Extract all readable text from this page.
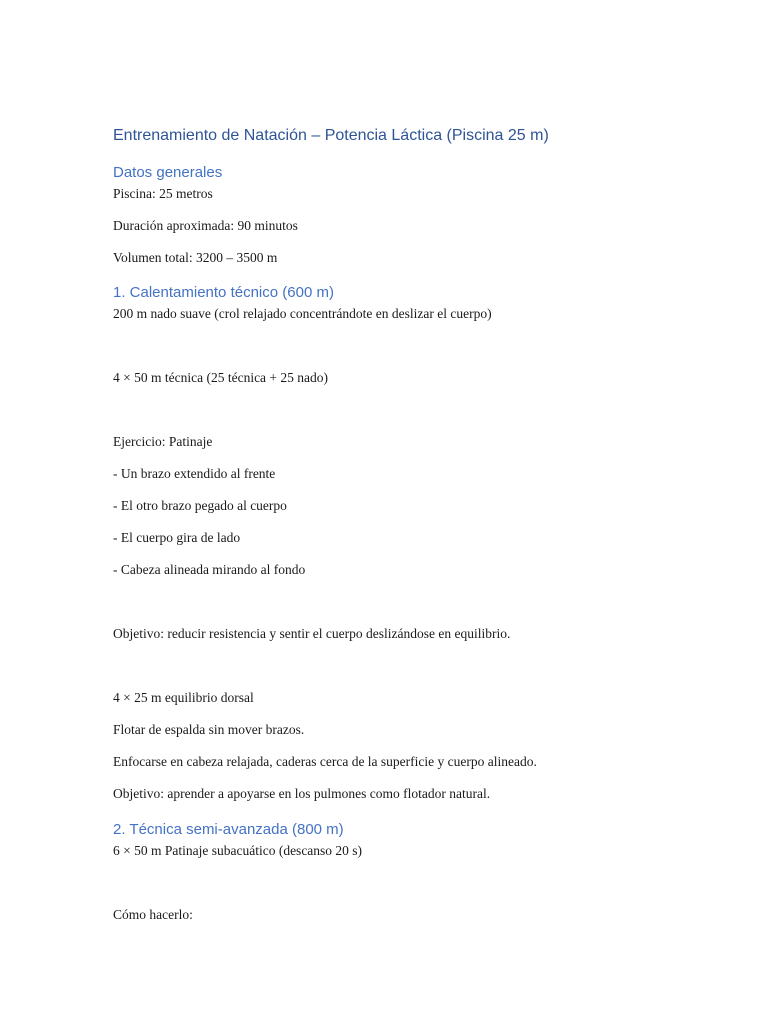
Entrenamiento de Natación – Potencia Láctica (Piscina 25 m)
Datos generales

Piscina: 25 metros

Duración aproximada: 90 minutos

Volumen total: 3200 – 3500 m

1. Calentamiento técnico (600 m)

200 m nado suave (crol relajado concentrándote en deslizar el cuerpo)

4 × 50 m técnica (25 técnica + 25 nado)

Ejercicio: Patinaje

- Un brazo extendido al frente

- El otro brazo pegado al cuerpo

- El cuerpo gira de lado

- Cabeza alineada mirando al fondo

Objetivo: reducir resistencia y sentir el cuerpo deslizándose en equilibrio.

4 × 25 m equilibrio dorsal

Flotar de espalda sin mover brazos.

Enfocarse en cabeza relajada, caderas cerca de la superficie y cuerpo alineado.

Objetivo: aprender a apoyarse en los pulmones como flotador natural.

2. Técnica semi-avanzada (800 m)

6 × 50 m Patinaje subacuático (descanso 20 s)

Cómo hacerlo:
